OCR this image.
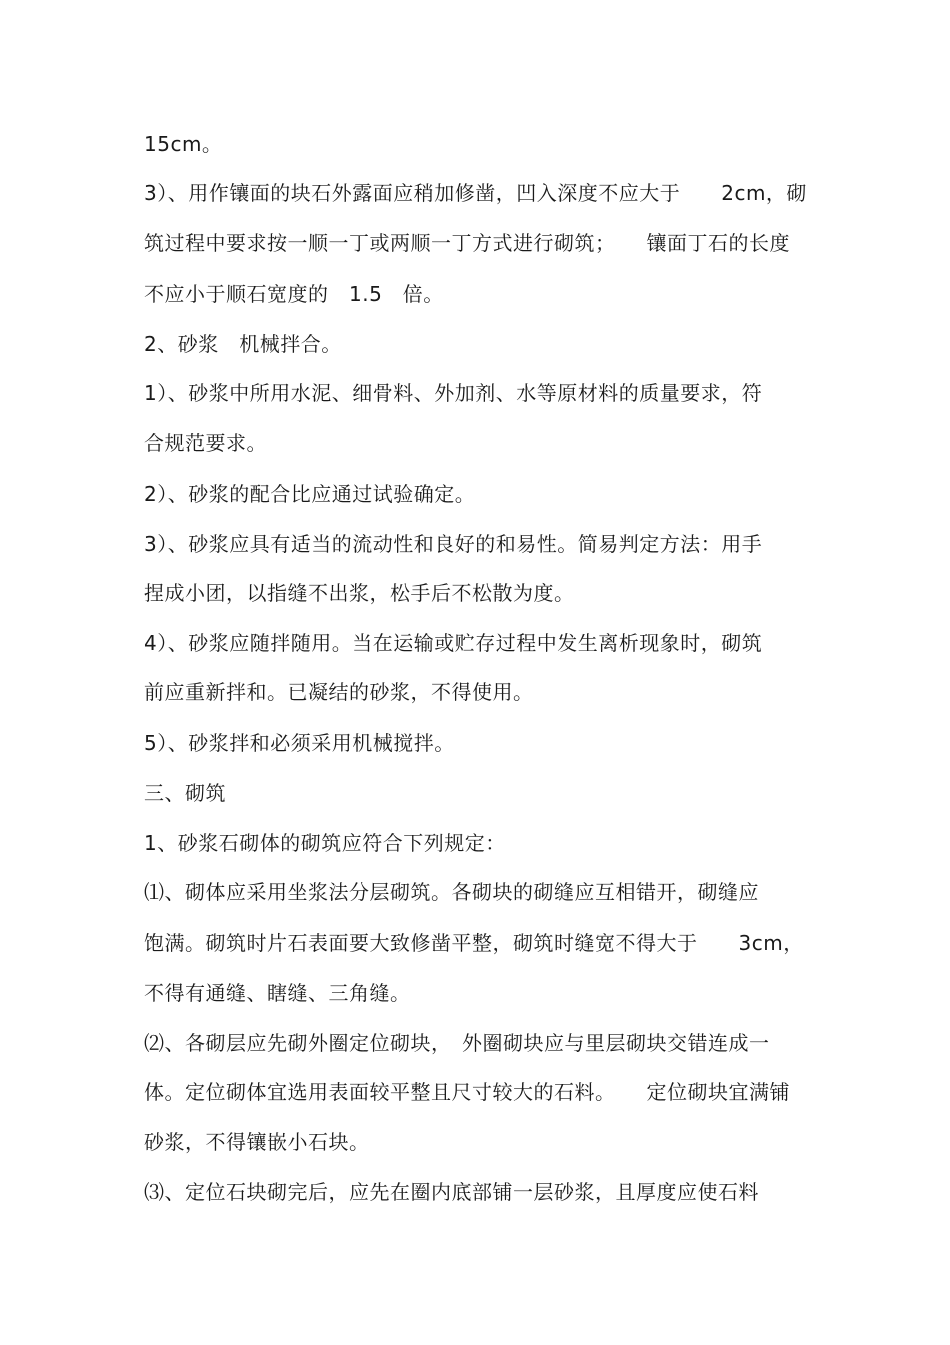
15cm。
3）、用作镶面的块石外露面应稍加修凿，凹入深度不应大于　　2cm，砌
筑过程中要求按一顺一丁或两顺一丁方式进行砌筑；　　镶面丁石的长度
不应小于顺石宽度的　1.5　倍。
2、砂浆　机械拌合。
1）、砂浆中所用水泥、细骨料、外加剂、水等原材料的质量要求，符
合规范要求。
2）、砂浆的配合比应通过试验确定。
3）、砂浆应具有适当的流动性和良好的和易性。简易判定方法：用手
捏成小团，以指缝不出浆，松手后不松散为度。
4）、砂浆应随拌随用。当在运输或贮存过程中发生离析现象时，砌筑
前应重新拌和。已凝结的砂浆，不得使用。
5）、砂浆拌和必须采用机械搅拌。
三、砌筑
1、砂浆石砌体的砌筑应符合下列规定：
⑴、砌体应采用坐浆法分层砌筑。各砌块的砌缝应互相错开，砌缝应
饱满。砌筑时片石表面要大致修凿平整，砌筑时缝宽不得大于　　3cm，
不得有通缝、瞎缝、三角缝。
⑵、各砌层应先砌外圈定位砌块，　外圈砌块应与里层砌块交错连成一
体。定位砌体宜选用表面较平整且尺寸较大的石料。　　定位砌块宜满铺
砂浆，不得镶嵌小石块。
⑶、定位石块砌完后，应先在圈内底部铺一层砂浆，且厚度应使石料
